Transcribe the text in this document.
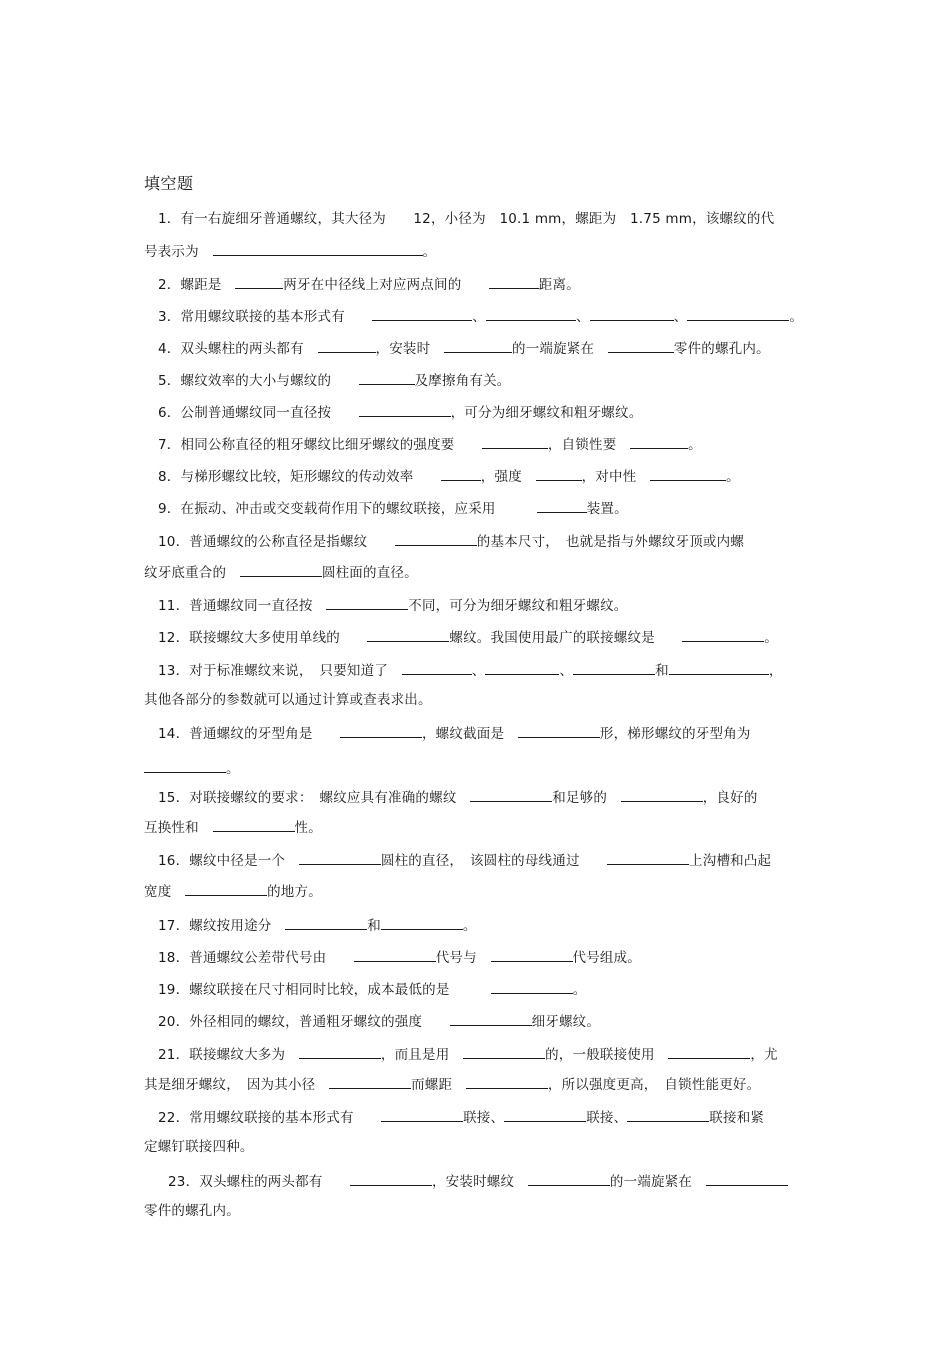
填空题
1．有一右旋细牙普通螺纹，其大径为　　12，小径为　10.1 mm，螺距为　1.75 mm，该螺纹的代
号表示为　	。
2．螺距是　	两牙在中径线上对应两点间的　　	距离。
3．常用螺纹联接的基本形式有　　	、	、	、	。
4．双头螺柱的两头都有　	，安装时　	的一端旋紧在　	零件的螺孔内。
5．螺纹效率的大小与螺纹的　　	及摩擦角有关。
6．公制普通螺纹同一直径按　　	，可分为细牙螺纹和粗牙螺纹。
7．相同公称直径的粗牙螺纹比细牙螺纹的强度要　　	，自锁性要　	。
8．与梯形螺纹比较，矩形螺纹的传动效率　　	，强度　	，对中性　	。
9．在振动、冲击或交变载荷作用下的螺纹联接，应采用　　　	装置。
10．普通螺纹的公称直径是指螺纹　　	的基本尺寸，　也就是指与外螺纹牙顶或内螺
纹牙底重合的　	圆柱面的直径。
11．普通螺纹同一直径按　	不同，可分为细牙螺纹和粗牙螺纹。
12．联接螺纹大多使用单线的　　	螺纹。我国使用最广的联接螺纹是　　	。
13．对于标准螺纹来说，　只要知道了　	、	、	和	，
其他各部分的参数就可以通过计算或查表求出。
14．普通螺纹的牙型角是　　	，螺纹截面是　	形，梯形螺纹的牙型角为
。
15．对联接螺纹的要求：　螺纹应具有准确的螺纹　	和足够的　	，良好的
互换性和　	性。
16．螺纹中径是一个　	圆柱的直径，　该圆柱的母线通过　　	上沟槽和凸起
宽度　	的地方。
17．螺纹按用途分　	和	。
18．普通螺纹公差带代号由　　	代号与　	代号组成。
19．螺纹联接在尺寸相同时比较，成本最低的是　　　	。
20．外径相同的螺纹，普通粗牙螺纹的强度　　	细牙螺纹。
21．联接螺纹大多为　	，而且是用　	的，一般联接使用　	，尤
其是细牙螺纹，　因为其小径　	而螺距　	，所以强度更高，　自锁性能更好。
22．常用螺纹联接的基本形式有　　	联接、	联接、	联接和紧
定螺钉联接四种。
23．双头螺柱的两头都有　　	，安装时螺纹　	的一端旋紧在　
零件的螺孔内。
